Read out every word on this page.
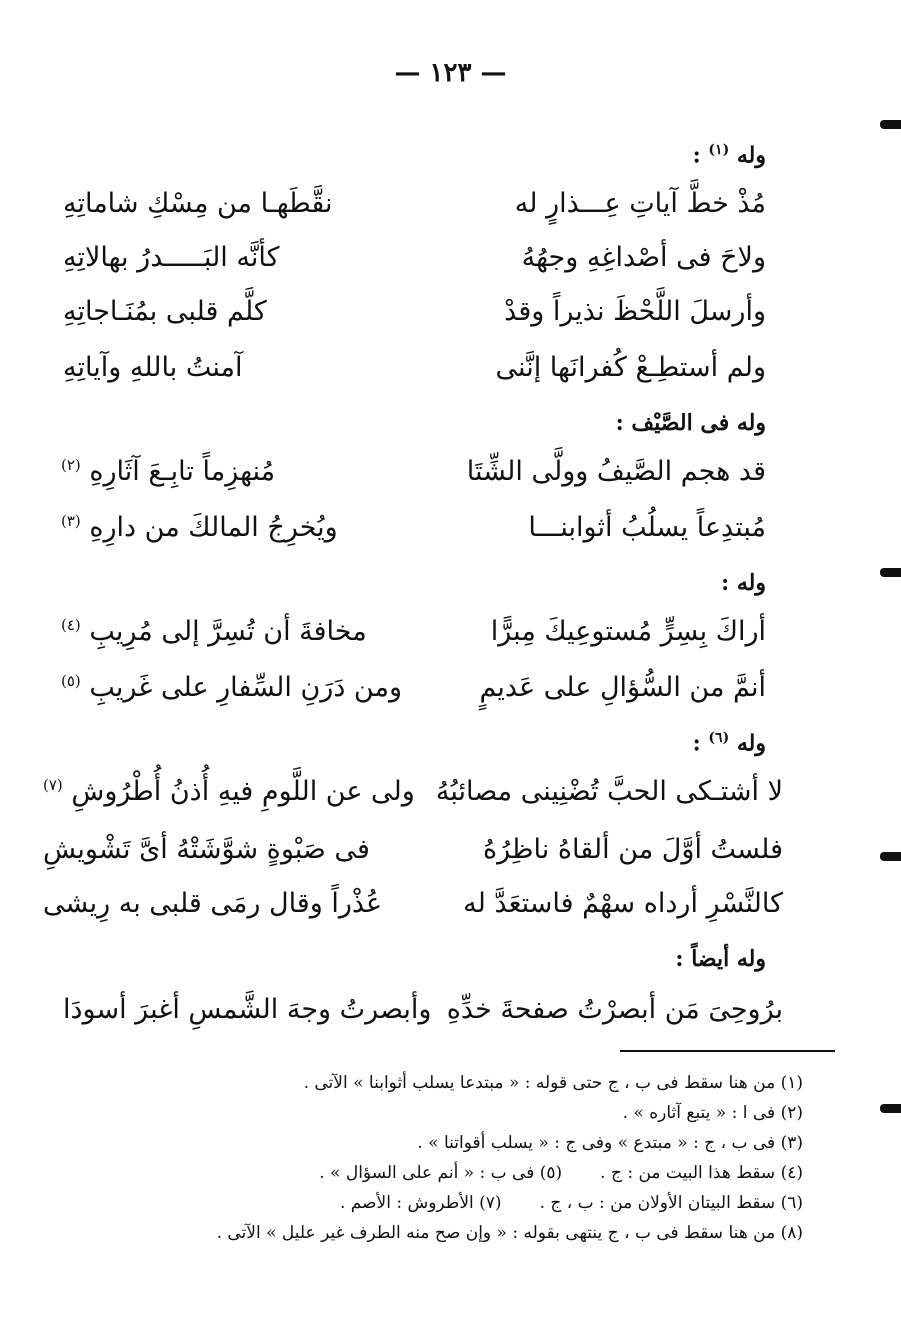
— ١٢٣ —
وله $^{(١)}$ :
مُذْ خطَّ آياتِ عِـــذارٍ له
نقَّطَهـا من مِسْكِ شاماتِهِ
ولاحَ فى أصْداغِهِ وجهُهُ
كأنَّه البَـــــدرُ بهالاتِهِ
وأرسلَ اللَّحْظَ نذيراً وقدْ
كلَّم قلبى بمُنَـاجاتِهِ
ولم أستطِـعْ كُفرانَها إنَّنى
آمنتُ باللهِ وآياتِهِ
وله فى الصَّيْف :
قد هجم الصَّيفُ وولَّى الشِّتَا
مُنهزِماً تابِـعَ آثَارِهِ $^{(٢)}$
مُبتدِعاً يسلُبُ أثوابنـــا
ويُخرِجُ المالكَ من دارِهِ $^{(٣)}$
وله :
أراكَ بِسِرٍّ مُستوعِيكَ مِبرًّا
مخافةَ أن تُسِرَّ إلى مُرِيبِ $^{(٤)}$
أنمَّ من السُّؤالِ على عَديمٍ
ومن دَرَنِ السِّفارِ على غَريبِ $^{(٥)}$
وله $^{(٦)}$ :
لا أشتـكى الحبَّ تُضْنِينى مصائبُهُ
ولى عن اللَّومِ فيهِ أُذنُ أُطْرُوشِ $^{(٧)}$
فلستُ أوَّلَ من ألقاهُ ناظِرُهُ
فى صَبْوةٍ شوَّشَتْهُ أىَّ تَشْويشِ
كالنَّسْرِ أرداه سهْمٌ فاستعَدَّ له
عُذْراً وقال رمَى قلبى به رِيشى
وله أيضاً :
برُوحِىَ مَن أبصرْتُ صفحةَ خدِّهِ
وأبصرتُ وجهَ الشَّمسِ أغبرَ أسودَا
(١) من هنا سقط فى ب ، ج حتى قوله : « مبتدعا يسلب أثوابنا » الآتى .
(٢) فى ا : « يتبع آثاره » .
(٣) فى ب ، ج : « مبتدع » وفى ج : « يسلب أقواتنا » .
(٤) سقط هذا البيت من : ج .(٥) فى ب : « أنم على السؤال » .
(٦) سقط البيتان الأولان من : ب ، ج .(٧) الأطروش : الأصم .
(٨) من هنا سقط فى ب ، ج ينتهى بقوله : « وإن صح منه الطرف غير عليل » الآتى .
